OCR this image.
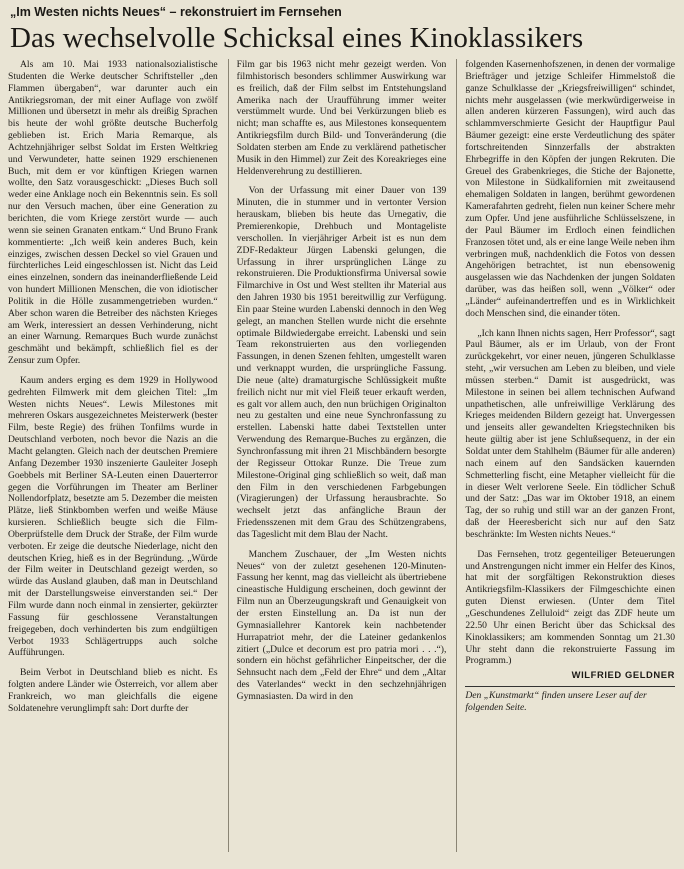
„Im Westen nichts Neues“ – rekonstruiert im Fernsehen
Das wechselvolle Schicksal eines Kinoklassikers

Als am 10. Mai 1933 nationalsozialistische Studenten die Werke deutscher Schriftsteller „den Flammen übergaben“, war darunter auch ein Antikriegsroman, der mit einer Auflage von zwölf Millionen und übersetzt in mehr als dreißig Sprachen bis heute der wohl größte deutsche Bucherfolg geblieben ist. Erich Maria Remarque, als Achtzehnjähriger selbst Soldat im Ersten Weltkrieg und Verwundeter, hatte seinen 1929 erschienenen Buch, mit dem er vor künftigen Kriegen warnen wollte, den Satz vorausgeschickt: „Dieses Buch soll weder eine Anklage noch ein Bekenntnis sein. Es soll nur den Versuch machen, über eine Generation zu berichten, die vom Kriege zerstört wurde — auch wenn sie seinen Granaten entkam.“ Und Bruno Frank kommentierte: „Ich weiß kein anderes Buch, kein einziges, zwischen dessen Deckel so viel Grauen und fürchterliches Leid eingeschlossen ist. Nicht das Leid eines einzelnen, sondern das ineinanderfließende Leid von hundert Millionen Menschen, die von idiotischer Politik in die Hölle zusammengetrieben wurden.“ Aber schon waren die Betreiber des nächsten Krieges am Werk, interessiert an dessen Verhinderung, nicht an einer Warnung. Remarques Buch wurde zunächst geschmäht und bekämpft, schließlich fiel es der Zensur zum Opfer.

Kaum anders erging es dem 1929 in Hollywood gedrehten Filmwerk mit dem gleichen Titel: „Im Westen nichts Neues“. Lewis Milestones mit mehreren Oskars ausgezeichnetes Meisterwerk (bester Film, beste Regie) des frühen Tonfilms wurde in Deutschland verboten, noch bevor die Nazis an die Macht gelangten. Gleich nach der deutschen Premiere Anfang Dezember 1930 inszenierte Gauleiter Joseph Goebbels mit Berliner SA-Leuten einen Dauerterror gegen die Vorführungen im Theater am Berliner Nollendorfplatz, besetzte am 5. Dezember die meisten Plätze, ließ Stinkbomben werfen und weiße Mäuse kursieren. Schließlich beugte sich die Film-Oberprüfstelle dem Druck der Straße, der Film wurde verboten. Er zeige die deutsche Niederlage, nicht den deutschen Krieg, hieß es in der Begründung. „Würde der Film weiter in Deutschland gezeigt werden, so würde das Ausland glauben, daß man in Deutschland mit der Darstellungsweise einverstanden sei.“ Der Film wurde dann noch einmal in zensierter, gekürzter Fassung für geschlossene Veranstaltungen freigegeben, doch verhinderten bis zum endgültigen Verbot 1933 Schlägertrupps auch solche Aufführungen.

Beim Verbot in Deutschland blieb es nicht. Es folgten andere Länder wie Österreich, vor allem aber Frankreich, wo man gleichfalls die eigene Soldatenehre verunglimpft sah: Dort durfte der

Film gar bis 1963 nicht mehr gezeigt werden. Von filmhistorisch besonders schlimmer Auswirkung war es freilich, daß der Film selbst im Entstehungsland Amerika nach der Uraufführung immer weiter verstümmelt wurde. Und bei Verkürzungen blieb es nicht; man schaffte es, aus Milestones konsequentem Antikriegsfilm durch Bild- und Tonveränderung (die Soldaten sterben am Ende zu verklärend pathetischer Musik in den Himmel) zur Zeit des Koreakrieges eine Heldenverehrung zu destillieren.

Von der Urfassung mit einer Dauer von 139 Minuten, die in stummer und in vertonter Version herauskam, blieben bis heute das Urnegativ, die Premierenkopie, Drehbuch und Montageliste verschollen. In vierjähriger Arbeit ist es nun dem ZDF-Redakteur Jürgen Labenski gelungen, die Urfassung in ihrer ursprünglichen Länge zu rekonstruieren. Die Produktionsfirma Universal sowie Filmarchive in Ost und West stellten ihr Material aus den Jahren 1930 bis 1951 bereitwillig zur Verfügung. Ein paar Steine wurden Labenski dennoch in den Weg gelegt, an manchen Stellen wurde nicht die ersehnte optimale Bildwiedergabe erreicht. Labenski und sein Team rekonstruierten aus den vorliegenden Fassungen, in denen Szenen fehlten, umgestellt waren und verknappt wurden, die ursprüngliche Fassung. Die neue (alte) dramaturgische Schlüssigkeit mußte freilich nicht nur mit viel Fleiß teuer erkauft werden, es galt vor allem auch, den nun brüchigen Originalton neu zu gestalten und eine neue Synchronfassung zu erstellen. Labenski hatte dabei Textstellen unter Verwendung des Remarque-Buches zu ergänzen, die Synchronfassung mit ihren 21 Mischbändern besorgte der Regisseur Ottokar Runze. Die Treue zum Milestone-Original ging schließlich so weit, daß man den Film in den verschiedenen Farbgebungen (Viragierungen) der Urfassung herausbrachte. So wechselt jetzt das anfängliche Braun der Friedensszenen mit dem Grau des Schützengrabens, das Tageslicht mit dem Blau der Nacht.

Manchem Zuschauer, der „Im Westen nichts Neues“ von der zuletzt gesehenen 120-Minuten-Fassung her kennt, mag das vielleicht als übertriebene cineastische Huldigung erscheinen, doch gewinnt der Film nun an Überzeugungskraft und Genauigkeit von der ersten Einstellung an. Da ist nun der Gymnasiallehrer Kantorek kein nachbetender Hurrapatriot mehr, der die Lateiner gedankenlos zitiert („Dulce et decorum est pro patria mori . . .“), sondern ein höchst gefährlicher Einpeitscher, der die Sehnsucht nach dem „Feld der Ehre“ und dem „Altar des Vaterlandes“ weckt in den sechzehnjährigen Gymnasiasten. Da wird in den

folgenden Kasernenhofszenen, in denen der vormalige Briefträger und jetzige Schleifer Himmelstoß die ganze Schulklasse der „Kriegsfreiwilligen“ schindet, nichts mehr ausgelassen (wie merkwürdigerweise in allen anderen kürzeren Fassungen), wird auch das schlammverschmierte Gesicht der Hauptfigur Paul Bäumer gezeigt: eine erste Verdeutlichung des später fortschreitenden Sinnzerfalls der abstrakten Ehrbegriffe in den Köpfen der jungen Rekruten. Die Greuel des Grabenkrieges, die Stiche der Bajonette, von Milestone in Südkalifornien mit zweitausend ehemaligen Soldaten in langen, berühmt gewordenen Kamerafahrten gedreht, fielen nun keiner Schere mehr zum Opfer. Und jene ausführliche Schlüsselszene, in der Paul Bäumer im Erdloch einen feindlichen Franzosen tötet und, als er eine lange Weile neben ihm verbringen muß, nachdenklich die Fotos von dessen Angehörigen betrachtet, ist nun ebensowenig ausgelassen wie das Nachdenken der jungen Soldaten darüber, was das heißen soll, wenn „Völker“ oder „Länder“ aufeinandertreffen und es in Wirklichkeit doch Menschen sind, die einander töten.

„Ich kann Ihnen nichts sagen, Herr Professor“, sagt Paul Bäumer, als er im Urlaub, von der Front zurückgekehrt, vor einer neuen, jüngeren Schulklasse steht, „wir versuchen am Leben zu bleiben, und viele müssen sterben.“ Damit ist ausgedrückt, was Milestone in seinen bei allem technischen Aufwand unpathetischen, alle unfreiwillige Verklärung des Krieges meidenden Bildern gezeigt hat. Unvergessen und jenseits aller gewandelten Kriegstechniken bis heute gültig aber ist jene Schlußsequenz, in der ein Soldat unter dem Stahlhelm (Bäumer für alle anderen) nach einem auf den Sandsäcken kauernden Schmetterling fischt, eine Metapher vielleicht für die in dieser Welt verlorene Seele. Ein tödlicher Schuß und der Satz: „Das war im Oktober 1918, an einem Tag, der so ruhig und still war an der ganzen Front, daß der Heeresbericht sich nur auf den Satz beschränkte: Im Westen nichts Neues.“

Das Fernsehen, trotz gegenteiliger Beteuerungen und Anstrengungen nicht immer ein Helfer des Kinos, hat mit der sorgfältigen Rekonstruktion dieses Antikriegsfilm-Klassikers der Filmgeschichte einen guten Dienst erwiesen. (Unter dem Titel „Geschundenes Zelluloid“ zeigt das ZDF heute um 22.50 Uhr einen Bericht über das Schicksal des Kinoklassikers; am kommenden Sonntag um 21.30 Uhr steht dann die rekonstruierte Fassung im Programm.)

WILFRIED GELDNER
Den „Kunstmarkt“ finden unsere Leser auf der folgenden Seite.
